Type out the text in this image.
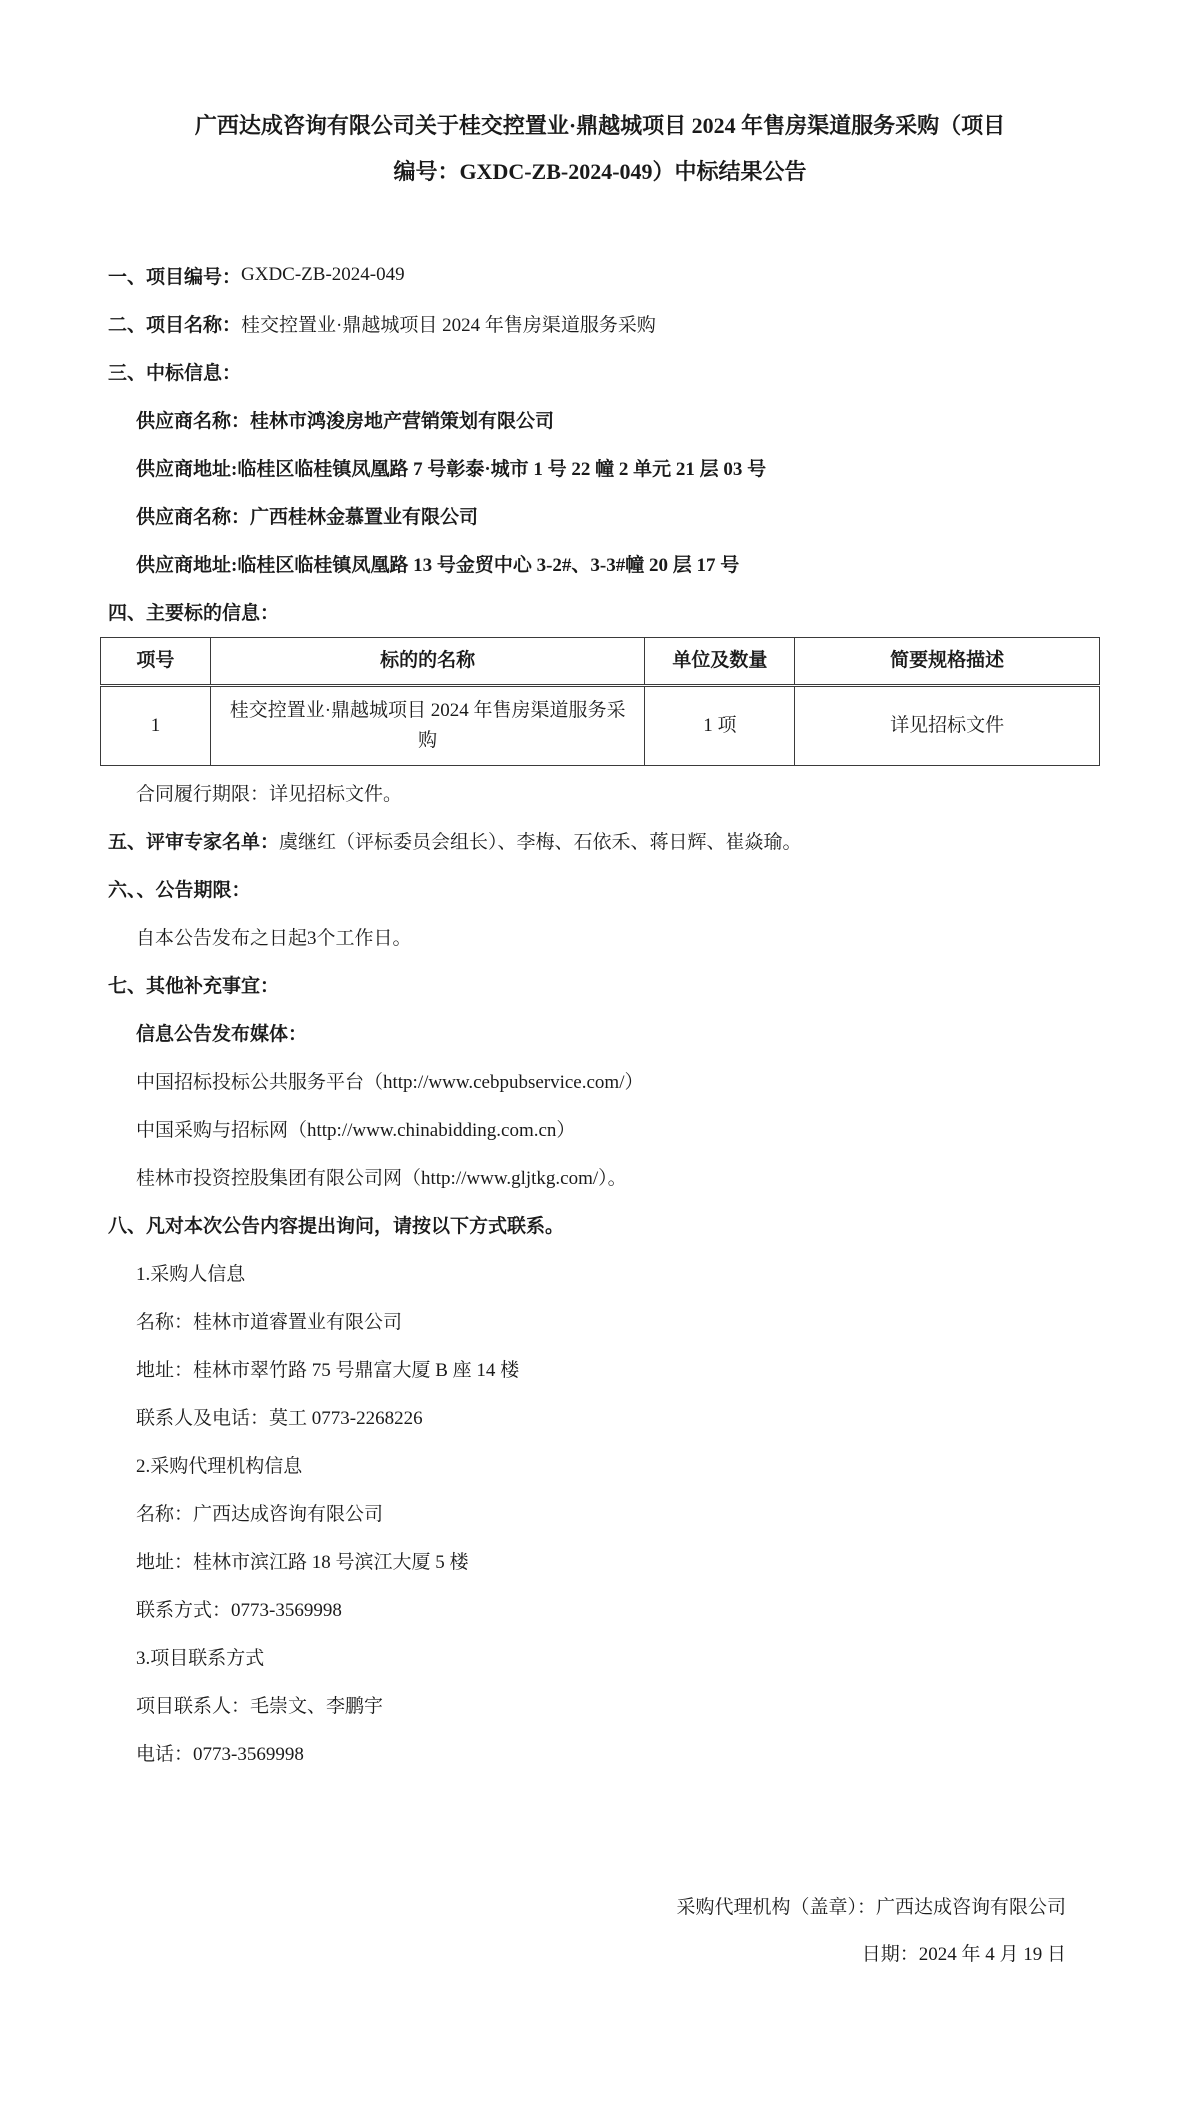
广西达成咨询有限公司关于桂交控置业·鼎越城项目 2024 年售房渠道服务采购（项目
编号：GXDC-ZB-2024-049）中标结果公告
一、项目编号： GXDC-ZB-2024-049
二、项目名称： 桂交控置业·鼎越城项目 2024 年售房渠道服务采购
三、中标信息：
供应商名称：桂林市鸿浚房地产营销策划有限公司
供应商地址:临桂区临桂镇凤凰路 7 号彰泰·城市 1 号 22 幢 2 单元 21 层 03 号
供应商名称：广西桂林金慕置业有限公司
供应商地址:临桂区临桂镇凤凰路 13 号金贸中心 3-2#、3-3#幢 20 层 17 号
四、主要标的信息：
项号	标的的名称	单位及数量	简要规格描述
1	桂交控置业·鼎越城项目 2024 年售房渠道服务采购	1 项	详见招标文件
合同履行期限：详见招标文件。
五、评审专家名单： 虞继红（评标委员会组长）、李梅、石依禾、蒋日辉、崔焱瑜。
六、、公告期限：
自本公告发布之日起3个工作日。
七、其他补充事宜：
信息公告发布媒体：
中国招标投标公共服务平台（http://www.cebpubservice.com/）
中国采购与招标网（http://www.chinabidding.com.cn）
桂林市投资控股集团有限公司网（http://www.gljtkg.com/）。
八、凡对本次公告内容提出询问，请按以下方式联系。
1.采购人信息
名称：桂林市道睿置业有限公司
地址：桂林市翠竹路 75 号鼎富大厦 B 座 14 楼
联系人及电话：莫工 0773-2268226
2.采购代理机构信息
名称：广西达成咨询有限公司
地址：桂林市滨江路 18 号滨江大厦 5 楼
联系方式：0773-3569998
3.项目联系方式
项目联系人：毛崇文、李鹏宇
电话：0773-3569998
采购代理机构（盖章）：广西达成咨询有限公司
日期：2024 年 4 月 19 日
